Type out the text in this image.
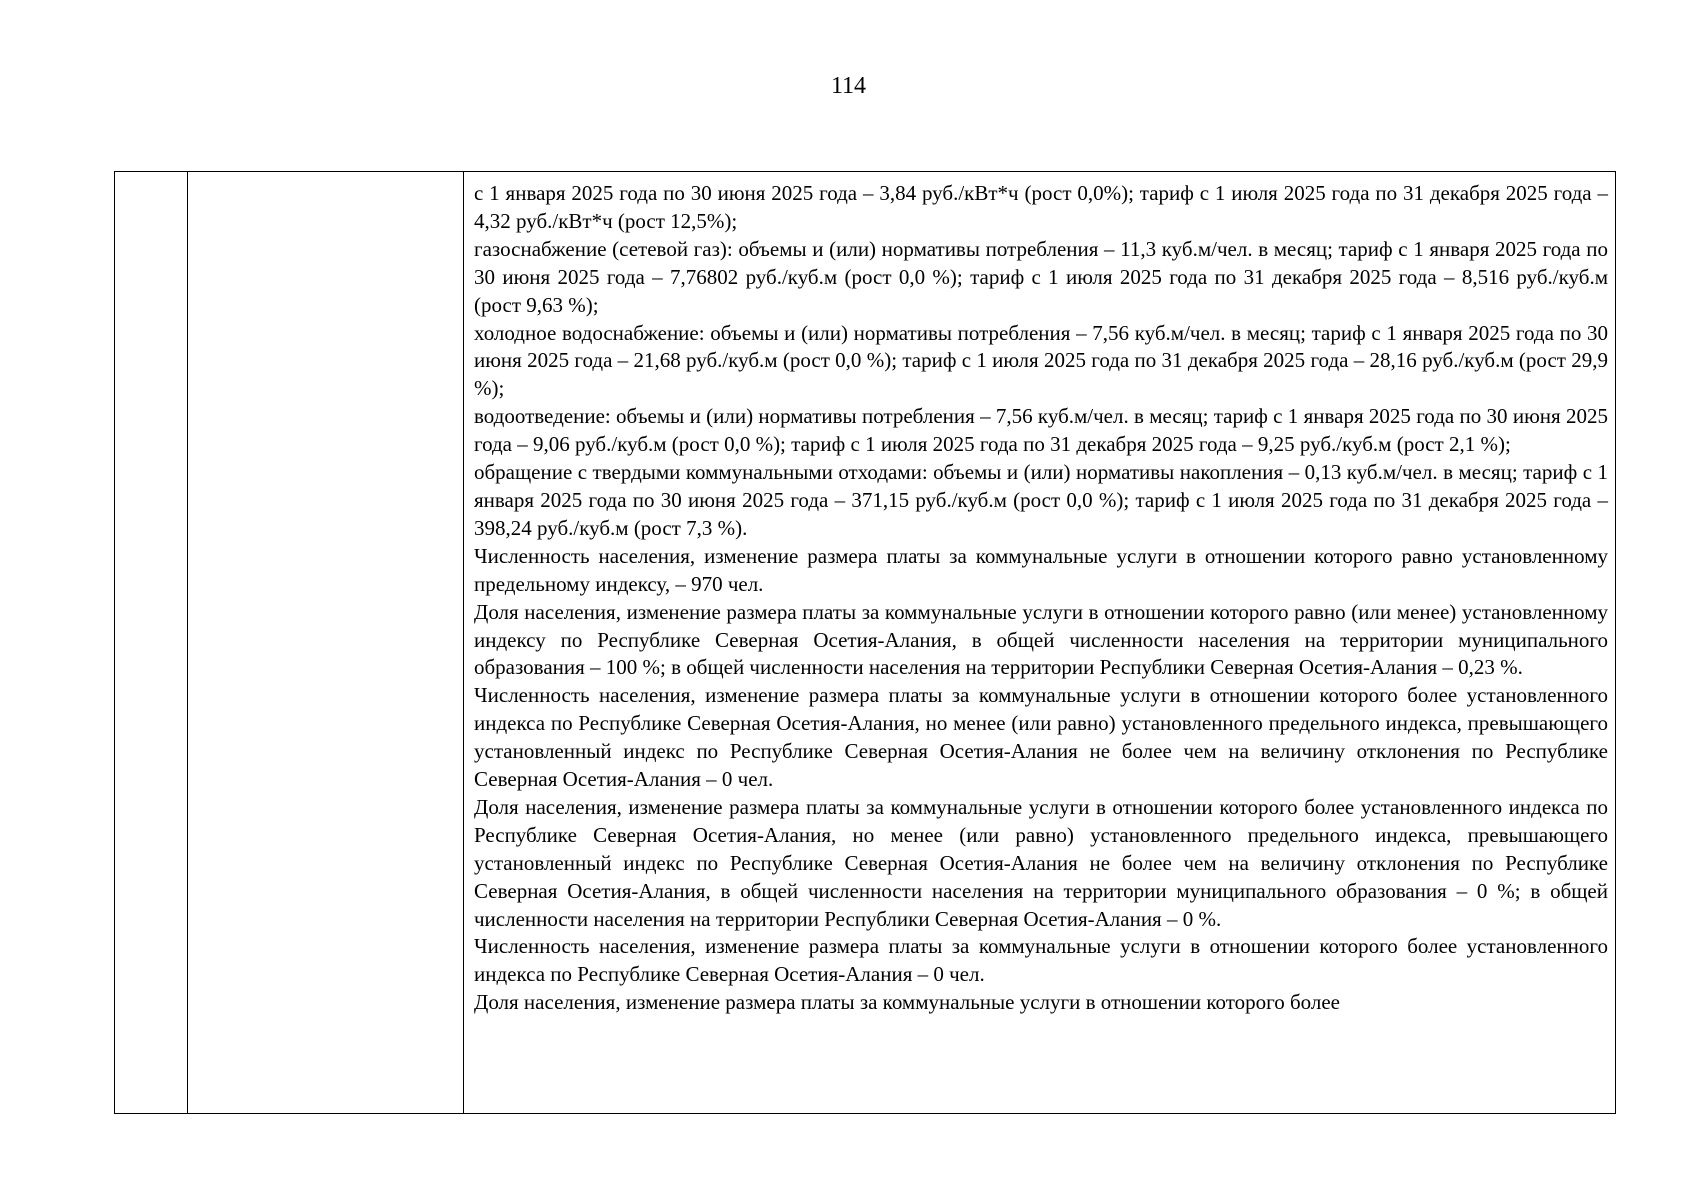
114

с 1 января 2025 года по 30 июня 2025 года – 3,84 руб./кВт*ч (рост 0,0%); тариф с 1 июля 2025 года по 31 декабря 2025 года – 4,32 руб./кВт*ч (рост 12,5%);

газоснабжение (сетевой газ): объемы и (или) нормативы потребления – 11,3 куб.м/чел. в месяц; тариф с 1 января 2025 года по 30 июня 2025 года – 7,76802 руб./куб.м (рост 0,0 %); тариф с 1 июля 2025 года по 31 декабря 2025 года – 8,516 руб./куб.м (рост 9,63 %);

холодное водоснабжение: объемы и (или) нормативы потребления – 7,56 куб.м/чел. в месяц; тариф с 1 января 2025 года по 30 июня 2025 года – 21,68 руб./куб.м (рост 0,0 %); тариф с 1 июля 2025 года по 31 декабря 2025 года – 28,16 руб./куб.м (рост 29,9 %);

водоотведение: объемы и (или) нормативы потребления – 7,56 куб.м/чел. в месяц; тариф с 1 января 2025 года по 30 июня 2025 года – 9,06 руб./куб.м (рост 0,0 %); тариф с 1 июля 2025 года по 31 декабря 2025 года – 9,25 руб./куб.м (рост 2,1 %);

обращение с твердыми коммунальными отходами: объемы и (или) нормативы накопления – 0,13 куб.м/чел. в месяц; тариф с 1 января 2025 года по 30 июня 2025 года – 371,15 руб./куб.м (рост 0,0 %); тариф с 1 июля 2025 года по 31 декабря 2025 года –398,24 руб./куб.м (рост 7,3 %).

Численность населения, изменение размера платы за коммунальные услуги в отношении которого равно установленному предельному индексу, – 970 чел.

Доля населения, изменение размера платы за коммунальные услуги в отношении которого равно (или менее) установленному индексу по Республике Северная Осетия-Алания, в общей численности населения на территории муниципального образования – 100 %; в общей численности населения на территории Республики Северная Осетия-Алания – 0,23 %.

Численность населения, изменение размера платы за коммунальные услуги в отношении которого более установленного индекса по Республике Северная Осетия-Алания, но менее (или равно) установленного предельного индекса, превышающего установленный индекс по Республике Северная Осетия-Алания не более чем на величину отклонения по Республике Северная Осетия-Алания – 0 чел.

Доля населения, изменение размера платы за коммунальные услуги в отношении которого более установленного индекса по Республике Северная Осетия-Алания, но менее (или равно) установленного предельного индекса, превышающего установленный индекс по Республике Северная Осетия-Алания не более чем на величину отклонения по Республике Северная Осетия-Алания, в общей численности населения на территории муниципального образования – 0 %; в общей численности населения на территории Республики Северная Осетия-Алания – 0 %.

Численность населения, изменение размера платы за коммунальные услуги в отношении которого более установленного индекса по Республике Северная Осетия-Алания – 0 чел.

Доля населения, изменение размера платы за коммунальные услуги в отношении которого более
